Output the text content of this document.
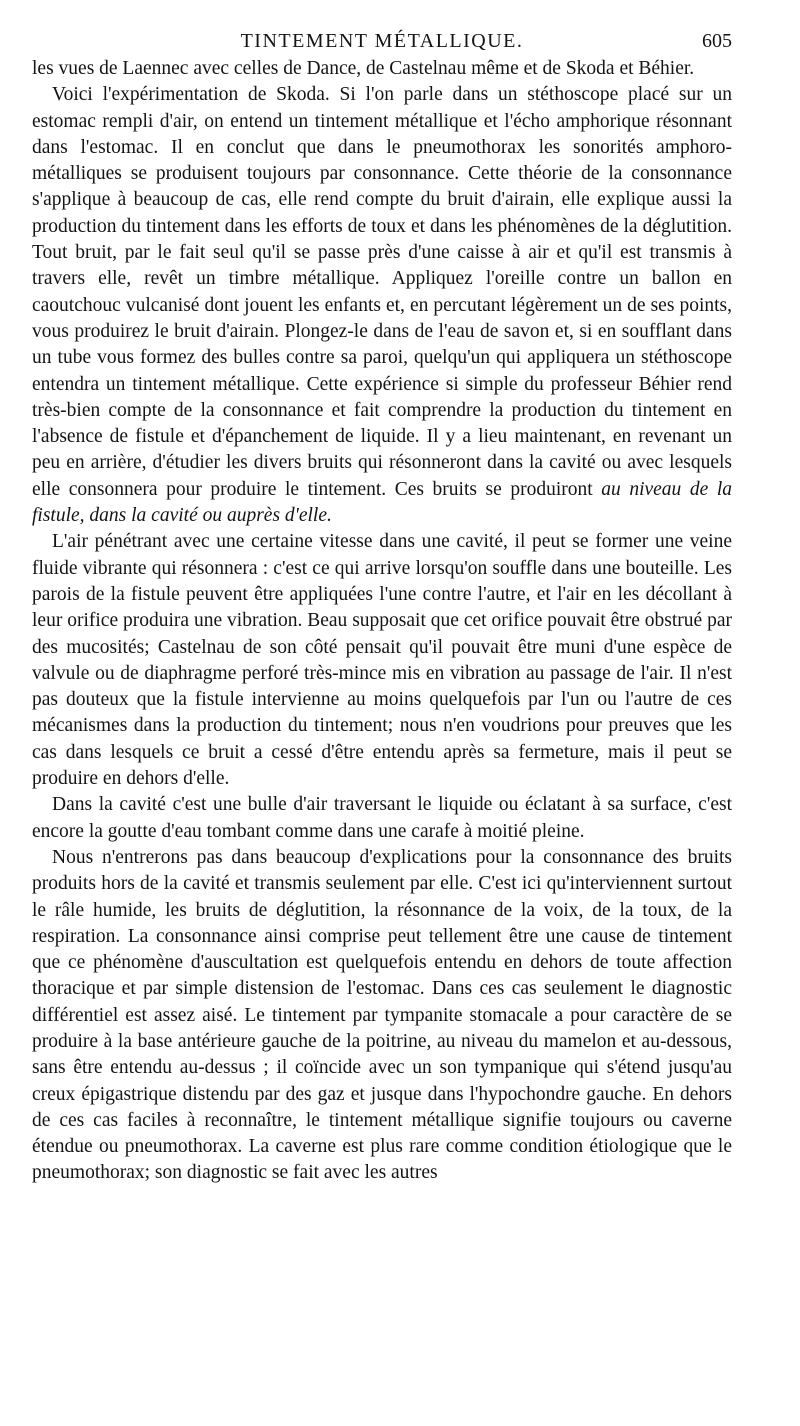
TINTEMENT MÉTALLIQUE.	605

les vues de Laennec avec celles de Dance, de Castelnau même et de Skoda et Béhier.

Voici l'expérimentation de Skoda. Si l'on parle dans un stéthoscope placé sur un estomac rempli d'air, on entend un tintement métallique et l'écho amphorique résonnant dans l'estomac. Il en conclut que dans le pneumothorax les sonorités amphoro-métalliques se produisent toujours par consonnance. Cette théorie de la consonnance s'applique à beaucoup de cas, elle rend compte du bruit d'airain, elle explique aussi la production du tintement dans les efforts de toux et dans les phénomènes de la déglutition. Tout bruit, par le fait seul qu'il se passe près d'une caisse à air et qu'il est transmis à travers elle, revêt un timbre métallique. Appliquez l'oreille contre un ballon en caoutchouc vulcanisé dont jouent les enfants et, en percutant légèrement un de ses points, vous produirez le bruit d'airain. Plongez-le dans de l'eau de savon et, si en soufflant dans un tube vous formez des bulles contre sa paroi, quelqu'un qui appliquera un stéthoscope entendra un tintement métallique. Cette expérience si simple du professeur Béhier rend très-bien compte de la consonnance et fait comprendre la production du tintement en l'absence de fistule et d'épanchement de liquide. Il y a lieu maintenant, en revenant un peu en arrière, d'étudier les divers bruits qui résonneront dans la cavité ou avec lesquels elle consonnera pour produire le tintement. Ces bruits se produiront au niveau de la fistule, dans la cavité ou auprès d'elle.

L'air pénétrant avec une certaine vitesse dans une cavité, il peut se former une veine fluide vibrante qui résonnera : c'est ce qui arrive lorsqu'on souffle dans une bouteille. Les parois de la fistule peuvent être appliquées l'une contre l'autre, et l'air en les décollant à leur orifice produira une vibration. Beau supposait que cet orifice pouvait être obstrué par des mucosités; Castelnau de son côté pensait qu'il pouvait être muni d'une espèce de valvule ou de diaphragme perforé très-mince mis en vibration au passage de l'air. Il n'est pas douteux que la fistule intervienne au moins quelquefois par l'un ou l'autre de ces mécanismes dans la production du tintement; nous n'en voudrions pour preuves que les cas dans lesquels ce bruit a cessé d'être entendu après sa fermeture, mais il peut se produire en dehors d'elle.

Dans la cavité c'est une bulle d'air traversant le liquide ou éclatant à sa surface, c'est encore la goutte d'eau tombant comme dans une carafe à moitié pleine.

Nous n'entrerons pas dans beaucoup d'explications pour la consonnance des bruits produits hors de la cavité et transmis seulement par elle. C'est ici qu'interviennent surtout le râle humide, les bruits de déglutition, la résonnance de la voix, de la toux, de la respiration. La consonnance ainsi comprise peut tellement être une cause de tintement que ce phénomène d'auscultation est quelquefois entendu en dehors de toute affection thoracique et par simple distension de l'estomac. Dans ces cas seulement le diagnostic différentiel est assez aisé. Le tintement par tympanite stomacale a pour caractère de se produire à la base antérieure gauche de la poitrine, au niveau du mamelon et au-dessous, sans être entendu au-dessus ; il coïncide avec un son tympanique qui s'étend jusqu'au creux épigastrique distendu par des gaz et jusque dans l'hypochondre gauche. En dehors de ces cas faciles à reconnaître, le tintement métallique signifie toujours ou caverne étendue ou pneumothorax. La caverne est plus rare comme condition étiologique que le pneumothorax; son diagnostic se fait avec les autres
